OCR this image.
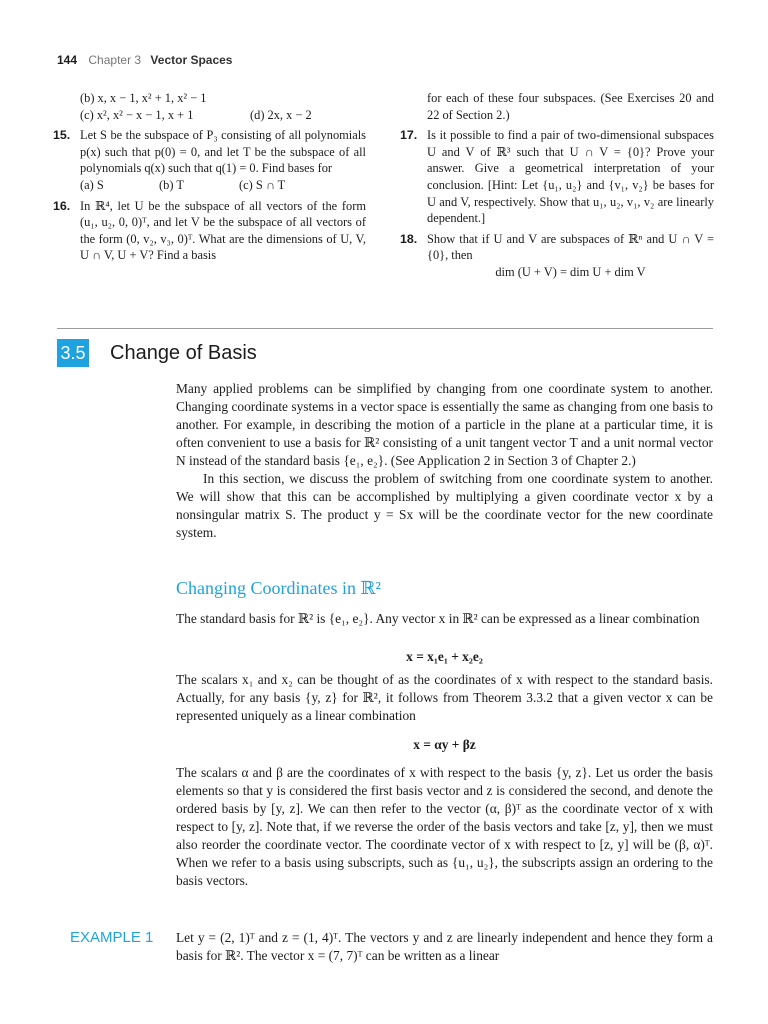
144 Chapter 3 Vector Spaces

(b) x, x − 1, x² + 1, x² − 1

(c) x², x² − x − 1, x + 1	(d) 2x, x − 2

15. Let S be the subspace of P₃ consisting of all polynomials p(x) such that p(0) = 0, and let T be the subspace of all polynomials q(x) such that q(1) = 0. Find bases for

(a) S	(b) T	(c) S ∩ T

16. In ℝ⁴, let U be the subspace of all vectors of the form (u₁, u₂, 0, 0)ᵀ, and let V be the subspace of all vectors of the form (0, v₂, v₃, 0)ᵀ. What are the dimensions of U, V, U ∩ V, U + V? Find a basis

for each of these four subspaces. (See Exercises 20 and 22 of Section 2.)

17. Is it possible to find a pair of two-dimensional subspaces U and V of ℝ³ such that U ∩ V = {0}? Prove your answer. Give a geometrical interpretation of your conclusion. [Hint: Let {u₁, u₂} and {v₁, v₂} be bases for U and V, respectively. Show that u₁, u₂, v₁, v₂ are linearly dependent.]

18. Show that if U and V are subspaces of ℝⁿ and U ∩ V = {0}, then

dim (U + V) = dim U + dim V

3.5 Change of Basis

Many applied problems can be simplified by changing from one coordinate system to another. Changing coordinate systems in a vector space is essentially the same as changing from one basis to another. For example, in describing the motion of a particle in the plane at a particular time, it is often convenient to use a basis for ℝ² consisting of a unit tangent vector T and a unit normal vector N instead of the standard basis {e₁, e₂}. (See Application 2 in Section 3 of Chapter 2.)

In this section, we discuss the problem of switching from one coordinate system to another. We will show that this can be accomplished by multiplying a given coordinate vector x by a nonsingular matrix S. The product y = Sx will be the coordinate vector for the new coordinate system.

Changing Coordinates in ℝ²
The standard basis for ℝ² is {e₁, e₂}. Any vector x in ℝ² can be expressed as a linear combination
x = x₁e₁ + x₂e₂
The scalars x₁ and x₂ can be thought of as the coordinates of x with respect to the standard basis. Actually, for any basis {y, z} for ℝ², it follows from Theorem 3.3.2 that a given vector x can be represented uniquely as a linear combination
x = αy + βz
The scalars α and β are the coordinates of x with respect to the basis {y, z}. Let us order the basis elements so that y is considered the first basis vector and z is considered the second, and denote the ordered basis by [y, z]. We can then refer to the vector (α, β)ᵀ as the coordinate vector of x with respect to [y, z]. Note that, if we reverse the order of the basis vectors and take [z, y], then we must also reorder the coordinate vector. The coordinate vector of x with respect to [z, y] will be (β, α)ᵀ. When we refer to a basis using subscripts, such as {u₁, u₂}, the subscripts assign an ordering to the basis vectors.
EXAMPLE 1 Let y = (2, 1)ᵀ and z = (1, 4)ᵀ. The vectors y and z are linearly independent and hence they form a basis for ℝ². The vector x = (7, 7)ᵀ can be written as a linear
